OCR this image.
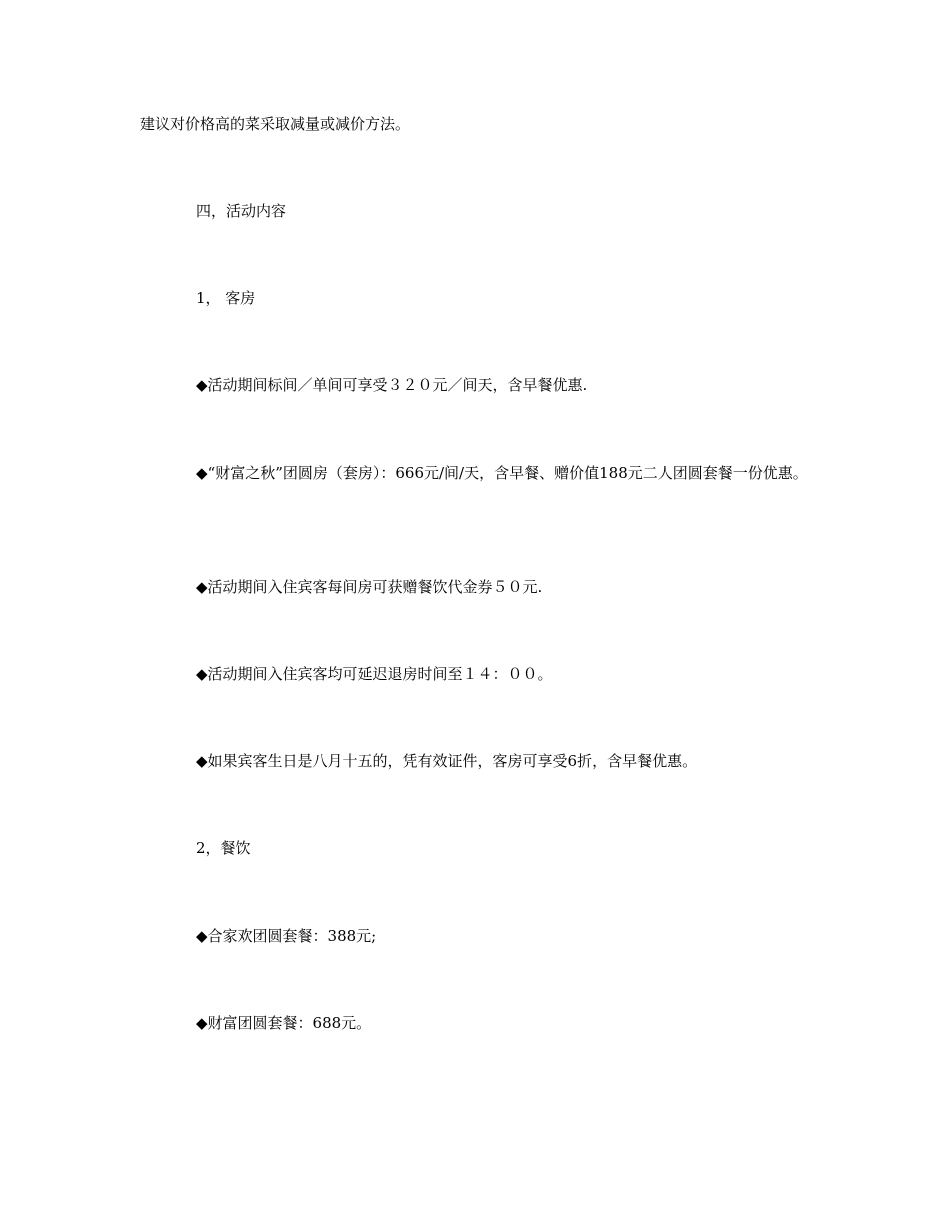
建议对价格高的菜采取减量或减价方法。

四，活动内容

1， 客房

◆活动期间标间／单间可享受３２０元／间天，含早餐优惠.

◆“财富之秋”团圆房（套房）：666元/间/天，含早餐、赠价值188元二人团圆套餐一份优惠。

◆活动期间入住宾客每间房可获赠餐饮代金券５０元.

◆活动期间入住宾客均可延迟退房时间至１４：００。

◆如果宾客生日是八月十五的，凭有效证件，客房可享受6折，含早餐优惠。

2，餐饮

◆合家欢团圆套餐：388元;

◆财富团圆套餐：688元。
